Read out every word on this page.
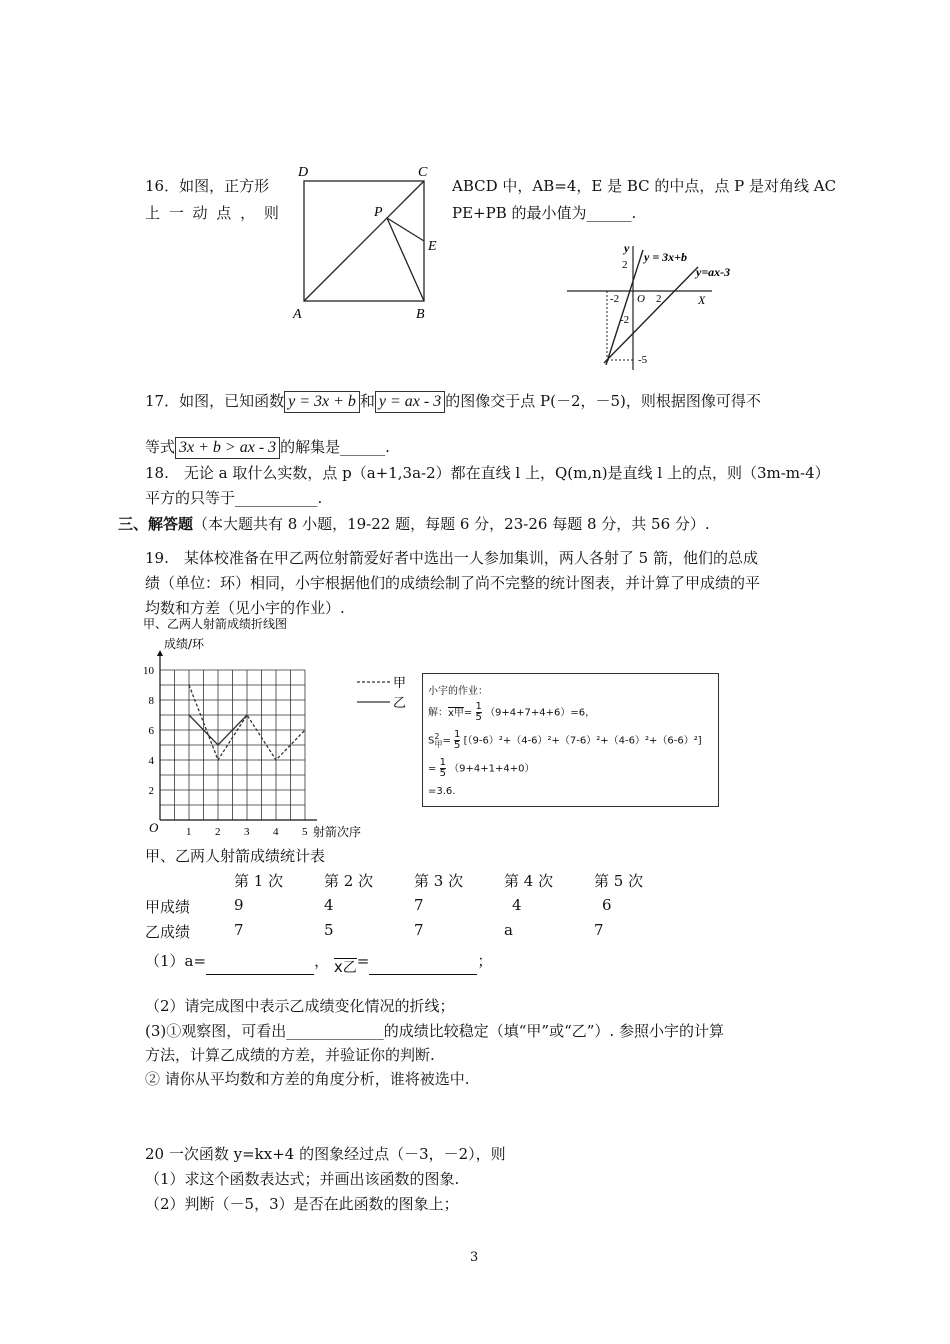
16．如图，正方形
上 一 动 点 ， 则
ABCD 中，AB=4，E 是 BC 的中点，点 P 是对角线 AC
PE+PB 的最小值为______.
D	C
P
E
A	B
y
X
O
y = 3x+b
y=ax-3
2
-2	2
-2
-5
17．如图，已知函数 y = 3x + b 和 y = ax - 3 的图像交于点 P(－2，－5)，则根据图像可得不
等式 3x + b > ax - 3 的解集是______.
18.　无论 a 取什么实数，点 p（a+1,3a-2）都在直线 l 上，Q(m,n)是直线 l 上的点，则（3m-m-4）
平方的只等于___________.
三、解答题（本大题共有 8 小题，19-22 题，每题 6 分，23-26 每题 8 分，共 56 分）.
19.　某体校准备在甲乙两位射箭爱好者中选出一人参加集训，两人各射了 5 箭，他们的总成
绩（单位：环）相同，小宇根据他们的成绩绘制了尚不完整的统计图表，并计算了甲成绩的平
均数和方差（见小宇的作业）.
甲、乙两人射箭成绩折线图
成绩/环
射箭次序
O	1 2 3 4 5
2
4
6
8
10
甲
乙
小宇的作业：
解：x甲= $\frac{1}{5} (9+4+7+4+6)=6$，
$S^2_甲= \frac{1}{5} [(9-6)^2+(4-6)^2+(7-6)^2+(4-6)^2+(6-6)^2]$
= $\frac{1}{5} (9+4+1+4+0)$
=3.6.
甲、乙两人射箭成绩统计表
第 1 次	第 2 次	第 3 次	第 4 次	第 5 次
甲成绩	9	4	7	4	6
乙成绩	7	5	7	a	7
（1）a=	， x乙=	；
（2）请完成图中表示乙成绩变化情况的折线；
(3)①观察图，可看出_____________的成绩比较稳定（填“甲”或“乙”）. 参照小宇的计算
方法，计算乙成绩的方差，并验证你的判断.
② 请你从平均数和方差的角度分析，谁将被选中.
20 一次函数 y=kx+4 的图象经过点（－3，－2），则
（1）求这个函数表达式；并画出该函数的图象.
（2）判断（－5，3）是否在此函数的图象上；
3
